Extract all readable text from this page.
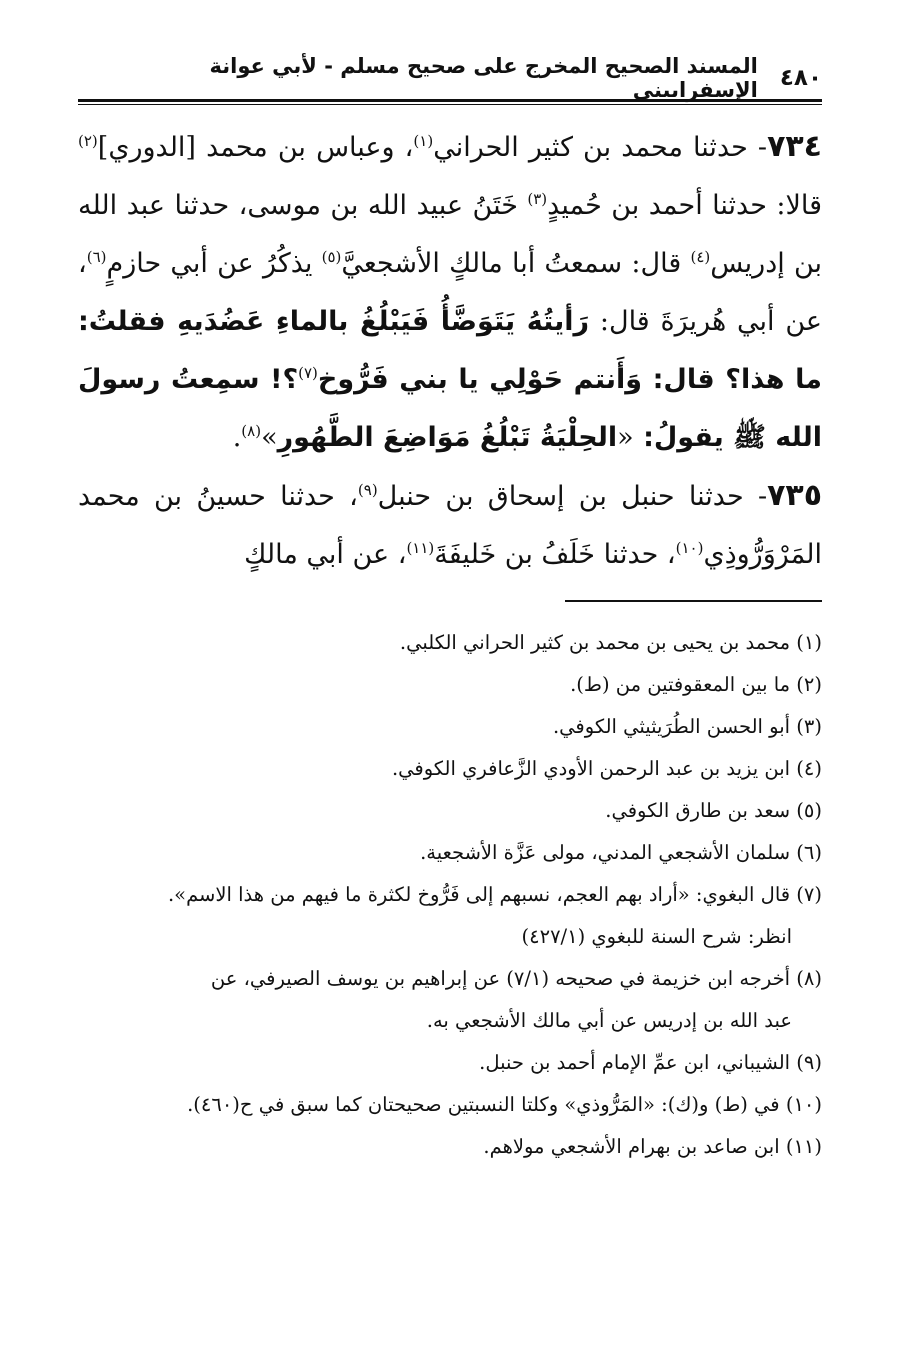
٤٨٠
المسند الصحيح المخرج على صحيح مسلم - لأبي عوانة الإسفراييني

٧٣٤- حدثنا محمد بن كثير الحراني$^{(١)}$، وعباس بن محمد [الدوري]$^{(٢)}$ قالا: حدثنا أحمد بن حُميدٍ$^{(٣)}$ خَتَنُ عبيد الله بن موسى، حدثنا عبد الله بن إدريس$^{(٤)}$ قال: سمعتُ أبا مالكٍ الأشجعيَّ$^{(٥)}$ يذكُرُ عن أبي حازمٍ$^{(٦)}$، عن أبي هُريرَةَ قال: رَأيتُهُ يَتَوَضَّأُ فَيَبْلُغُ بالماءِ عَضُدَيهِ فقلتُ: ما هذا؟ قال: وَأَنتم حَوْلِي يا بني فَرُّوخ$^{(٧)}$؟! سمِعتُ رسولَ الله ﷺ يقولُ: «الحِلْيَةُ تَبْلُغُ مَوَاضِعَ الطَّهُورِ»$^{(٨)}$.

٧٣٥- حدثنا حنبل بن إسحاق بن حنبل$^{(٩)}$، حدثنا حسينُ بن محمد المَرْوَرُّوذِي$^{(١٠)}$، حدثنا خَلَفُ بن خَليفَةَ$^{(١١)}$، عن أبي مالكٍ

(١) محمد بن يحيى بن محمد بن كثير الحراني الكلبي.
(٢) ما بين المعقوفتين من (ط).
(٣) أبو الحسن الطُرَيثيثي الكوفي.
(٤) ابن يزيد بن عبد الرحمن الأودي الزَّعافري الكوفي.
(٥) سعد بن طارق الكوفي.
(٦) سلمان الأشجعي المدني، مولى عَزَّة الأشجعية.
(٧) قال البغوي: «أراد بهم العجم، نسبهم إلى فَرُّوخ لكثرة ما فيهم من هذا الاسم».
انظر: شرح السنة للبغوي (٤٢٧/١)
(٨) أخرجه ابن خزيمة في صحيحه (٧/١) عن إبراهيم بن يوسف الصيرفي، عن
عبد الله بن إدريس عن أبي مالك الأشجعي به.
(٩) الشيباني، ابن عمِّ الإمام أحمد بن حنبل.
(١٠) في (ط) و(ك): «المَرُّوذي» وكلتا النسبتين صحيحتان كما سبق في ح(٤٦٠).
(١١) ابن صاعد بن بهرام الأشجعي مولاهم.
